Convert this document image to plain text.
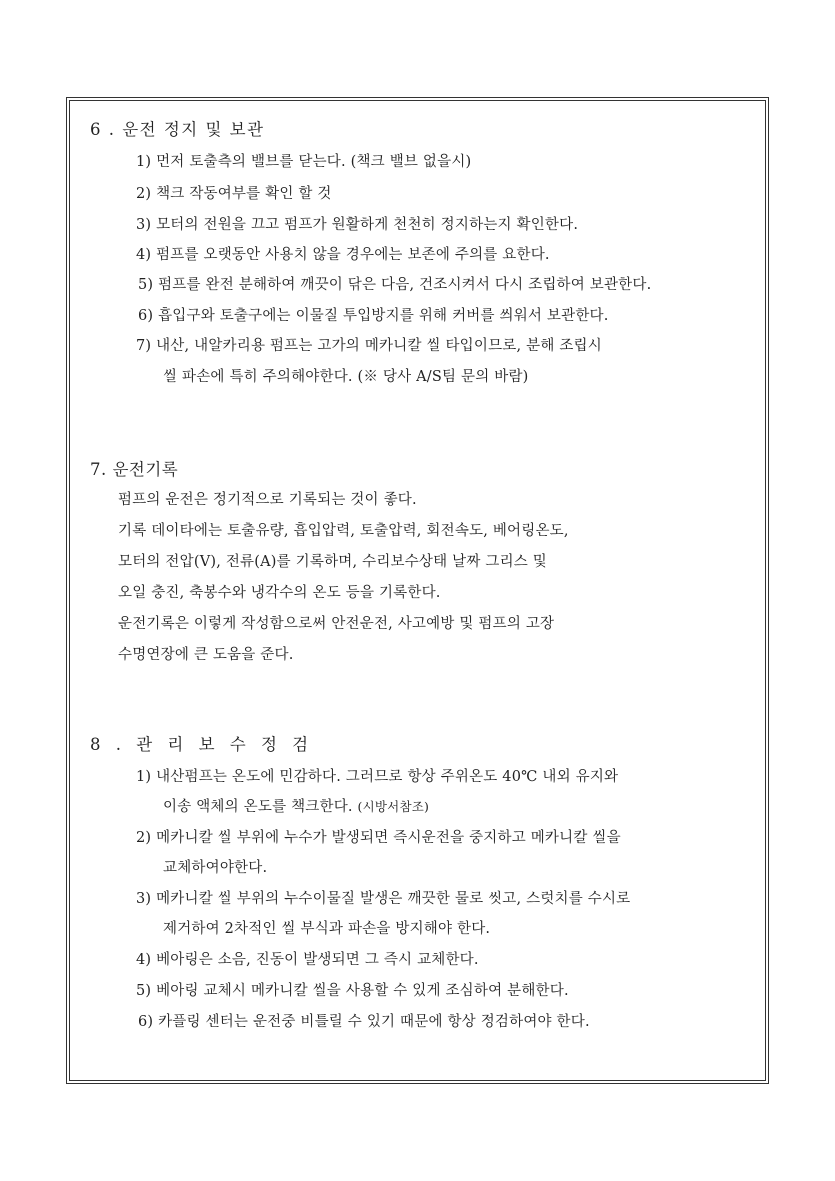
6 . 운전 정지 및 보관
1) 먼저 토출측의 밸브를 닫는다. (책크 밸브 없을시)
2) 책크 작동여부를 확인 할 것
3) 모터의 전원을 끄고 펌프가 원활하게 천천히 정지하는지 확인한다.
4) 펌프를 오랫동안 사용치 않을 경우에는 보존에 주의를 요한다.
5) 펌프를 완전 분해하여 깨끗이 닦은 다음, 건조시켜서 다시 조립하여 보관한다.
6) 흡입구와 토출구에는 이물질 투입방지를 위해 커버를 씌워서 보관한다.
7) 내산, 내알카리용 펌프는 고가의 메카니칼 씰 타입이므로, 분해 조립시
씰 파손에 특히 주의해야한다. (※ 당사 A/S팀 문의 바람)
7. 운전기록
펌프의 운전은 정기적으로 기록되는 것이 좋다.
기록 데이타에는 토출유량, 흡입압력, 토출압력, 회전속도, 베어링온도,
모터의 전압(V), 전류(A)를 기록하며, 수리보수상태 날짜 그리스 및
오일 충진, 축봉수와 냉각수의 온도 등을 기록한다.
운전기록은 이렇게 작성함으로써 안전운전, 사고예방 및 펌프의 고장
수명연장에 큰 도움을 준다.
8 . 관 리 보 수 정 검
1) 내산펌프는 온도에 민감하다. 그러므로 항상 주위온도 40℃ 내외 유지와
이송 액체의 온도를 책크한다. (시방서참조)
2) 메카니칼 씰 부위에 누수가 발생되면 즉시운전을 중지하고 메카니칼 씰을
교체하여야한다.
3) 메카니칼 씰 부위의 누수이물질 발생은 깨끗한 물로 씻고, 스럿치를 수시로
제거하여 2차적인 씰 부식과 파손을 방지해야 한다.
4) 베아링은 소음, 진동이 발생되면 그 즉시 교체한다.
5) 베아링 교체시 메카니칼 씰을 사용할 수 있게 조심하여 분해한다.
6) 카플링 센터는 운전중 비틀릴 수 있기 때문에 항상 정검하여야 한다.
